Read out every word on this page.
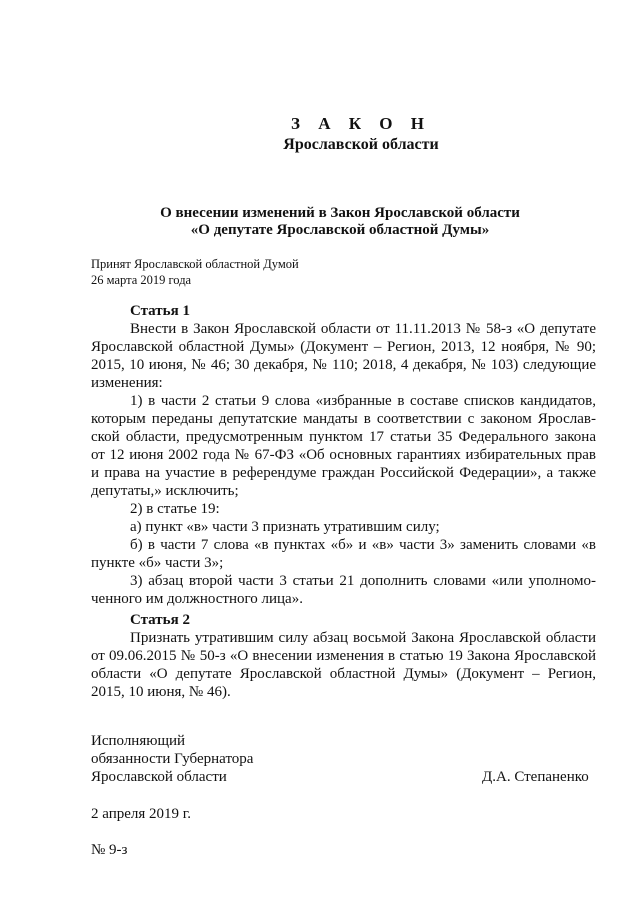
З А К О Н
Ярославской области
О внесении изменений в Закон Ярославской области
«О депутате Ярославской областной Думы»
Принят Ярославской областной Думой
26 марта 2019 года
Статья 1
Внести в Закон Ярославской области от 11.11.2013 № 58-з «О депутате
Ярославской областной Думы» (Документ – Регион, 2013, 12 ноября, № 90;
2015, 10 июня, № 46; 30 декабря, № 110; 2018, 4 декабря, № 103) следующие
изменения:
1) в части 2 статьи 9 слова «избранные в составе списков кандидатов,
которым переданы депутатские мандаты в соответствии с законом Ярослав-
ской области, предусмотренным пунктом 17 статьи 35 Федерального закона
от 12 июня 2002 года № 67-ФЗ «Об основных гарантиях избирательных прав
и права на участие в референдуме граждан Российской Федерации», а также
депутаты,» исключить;
2) в статье 19:
а) пункт «в» части 3 признать утратившим силу;
б) в части 7 слова «в пунктах «б» и «в» части 3» заменить словами «в
пункте «б» части 3»;
3) абзац второй части 3 статьи 21 дополнить словами «или уполномо-
ченного им должностного лица».
Статья 2
Признать утратившим силу абзац восьмой Закона Ярославской области
от 09.06.2015 № 50-з «О внесении изменения в статью 19 Закона Ярославской
области «О депутате Ярославской областной Думы» (Документ – Регион,
2015, 10 июня, № 46).
Исполняющий
обязанности Губернатора
Ярославской области	Д.А. Степаненко
2 апреля 2019 г.
№ 9-з
